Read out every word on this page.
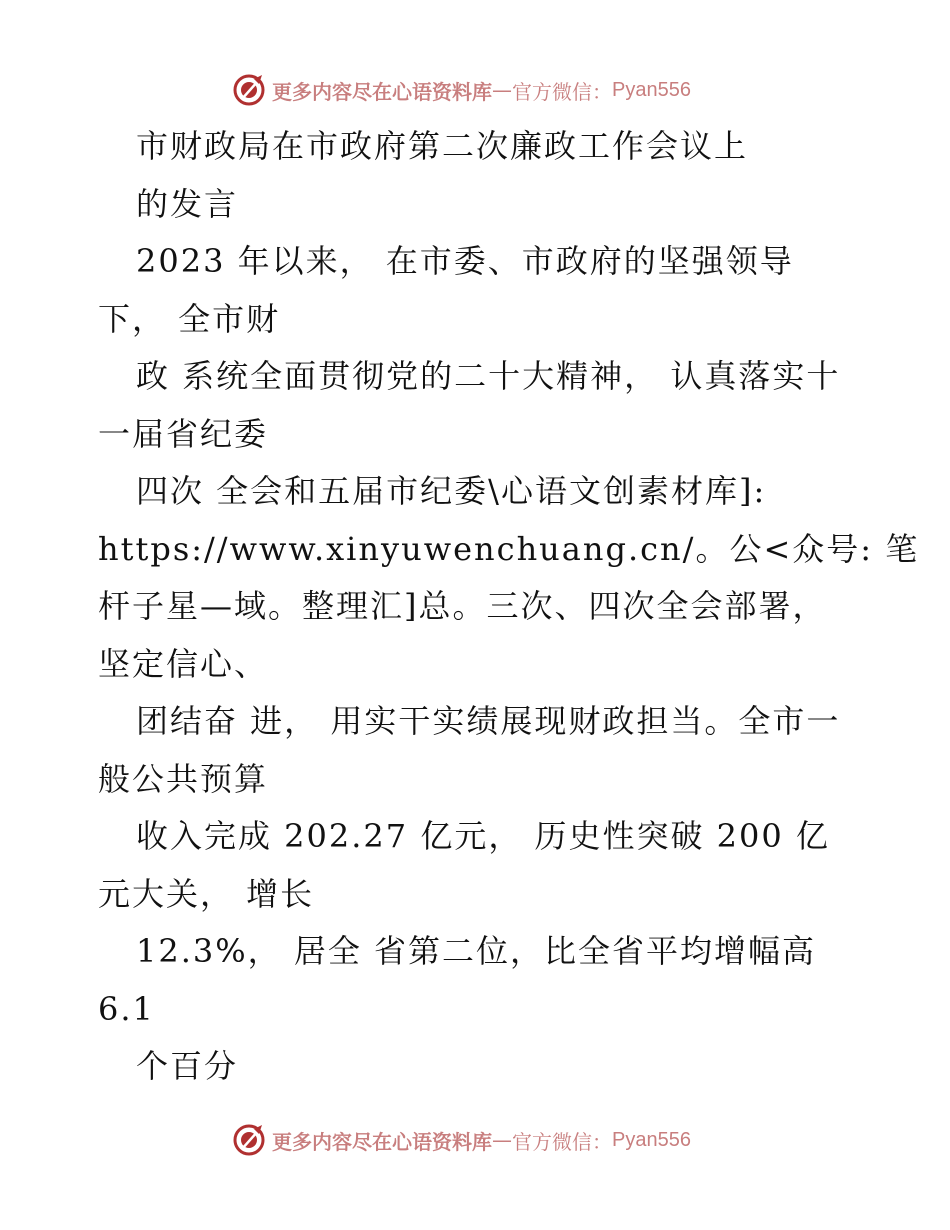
更多内容尽在心语资料库 — 官方微信： Pyan556
市财政局在市政府第二次廉政工作会议上
的发言
2023 年以来， 在市委、市政府的坚强领导
下， 全市财
政 系统全面贯彻党的二十大精神， 认真落实十
一届省纪委
四次 全会和五届市纪委\心语文创素材库]:
https://www.xinyuwenchuang.cn/。公<众号: 笔
杆子星—域。整理汇]总。三次、四次全会部署，
坚定信心、
团结奋 进， 用实干实绩展现财政担当。全市一
般公共预算
收入完成 202.27 亿元， 历史性突破 200 亿
元大关， 增长
12.3%， 居全 省第二位，比全省平均增幅高
6.1
个百分
更多内容尽在心语资料库 — 官方微信： Pyan556
